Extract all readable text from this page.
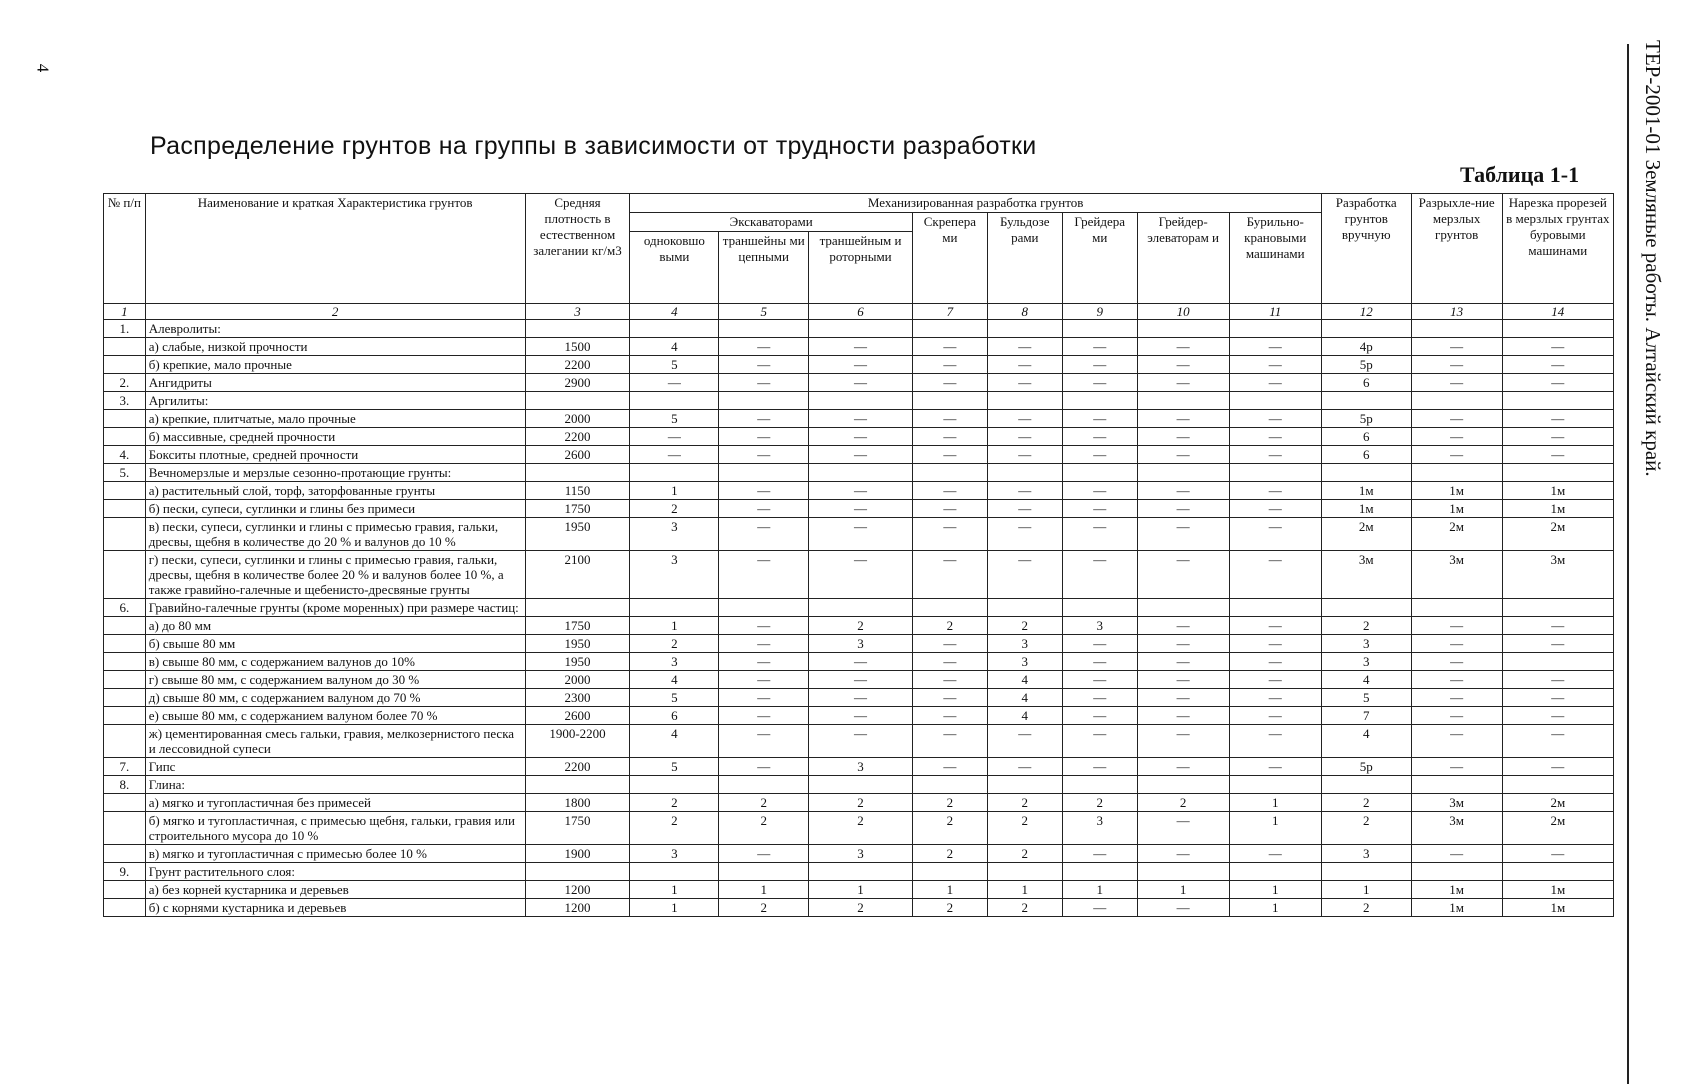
4
Распределение грунтов на группы в зависимости от трудности разработки
Таблица 1-1	ТЕР-2001-01 Земляные работы. Алтайский край.
№ п/п	Наименование и краткая Характеристика грунтов	Средняя плотность в естественном залегании кг/м3	Механизированная разработка грунтов								Разработка грунтов вручную	Разрыхле-ние мерзлых грунтов	Нарезка прорезей в мерзлых грунтах буровыми машинами
			Экскаваторами			Скрепера ми	Бульдозе рами	Грейдера ми	Грейдер-элеваторам и	Бурильно-крановыми машинами			
			одноковшо выми	траншейны ми цепными	траншейным и роторными								
1	2	3	4	5	6	7	8	9	10	11	12	13	14
1.	Алевролиты:												
	а) слабые, низкой прочности	1500	4	—	—	—	—	—	—	—	4р	—	—
	б) крепкие, мало прочные	2200	5	—	—	—	—	—	—	—	5р	—	—
2.	Ангидриты	2900	—	—	—	—	—	—	—	—	6	—	—
3.	Аргилиты:												
	а) крепкие, плитчатые, мало прочные	2000	5	—	—	—	—	—	—	—	5р	—	—
	б) массивные, средней прочности	2200	—	—	—	—	—	—	—	—	6	—	—
4.	Бокситы плотные, средней прочности	2600	—	—	—	—	—	—	—	—	6	—	—
5.	Вечномерзлые и мерзлые сезонно-протающие грунты:												
	а) растительный слой, торф, заторфованные грунты	1150	1	—	—	—	—	—	—	—	1м	1м	1м
	б) пески, супеси, суглинки и глины без примеси	1750	2	—	—	—	—	—	—	—	1м	1м	1м
	в) пески, супеси, суглинки и глины с примесью гравия, гальки, дресвы, щебня в количестве до 20 % и валунов до 10 %	1950	3	—	—	—	—	—	—	—	2м	2м	2м
	г) пески, супеси, суглинки и глины с примесью гравия, гальки, дресвы, щебня в количестве более 20 % и валунов более 10 %, а также гравийно-галечные и щебенисто-дресвяные грунты	2100	3	—	—	—	—	—	—	—	3м	3м	3м
6.	Гравийно-галечные грунты (кроме моренных) при размере частиц:												
	а) до 80 мм	1750	1	—	2	2	2	3	—	—	2	—	—
	б) свыше 80 мм	1950	2	—	3	—	3	—	—	—	3	—	—
	в) свыше 80 мм, с содержанием валунов до 10%	1950	3	—	—	—	3	—	—	—	3	—	
	г) свыше 80 мм, с содержанием валуном до 30 %	2000	4	—	—	—	4	—	—	—	4	—	—
	д) свыше 80 мм, с содержанием валуном до 70 %	2300	5	—	—	—	4	—	—	—	5	—	—
	е) свыше 80 мм, с содержанием валуном более 70 %	2600	6	—	—	—	4	—	—	—	7	—	—
	ж) цементированная смесь гальки, гравия, мелкозернистого песка и лессовидной супеси	1900-2200	4	—	—	—	—	—	—	—	4	—	—
7.	Гипс	2200	5	—	3	—	—	—	—	—	5р	—	—
8.	Глина:												
	а) мягко и тугопластичная без примесей	1800	2	2	2	2	2	2	2	1	2	3м	2м
	б) мягко и тугопластичная, с примесью щебня, гальки, гравия или строительного мусора до 10 %	1750	2	2	2	2	2	3	—	1	2	3м	2м
	в) мягко и тугопластичная с примесью более 10 %	1900	3	—	3	2	2	—	—	—	3	—	—
9.	Грунт растительного слоя:												
	а) без корней кустарника и деревьев	1200	1	1	1	1	1	1	1	1	1	1м	1м
	б) с корнями кустарника и деревьев	1200	1	2	2	2	2	—	—	1	2	1м	1м
